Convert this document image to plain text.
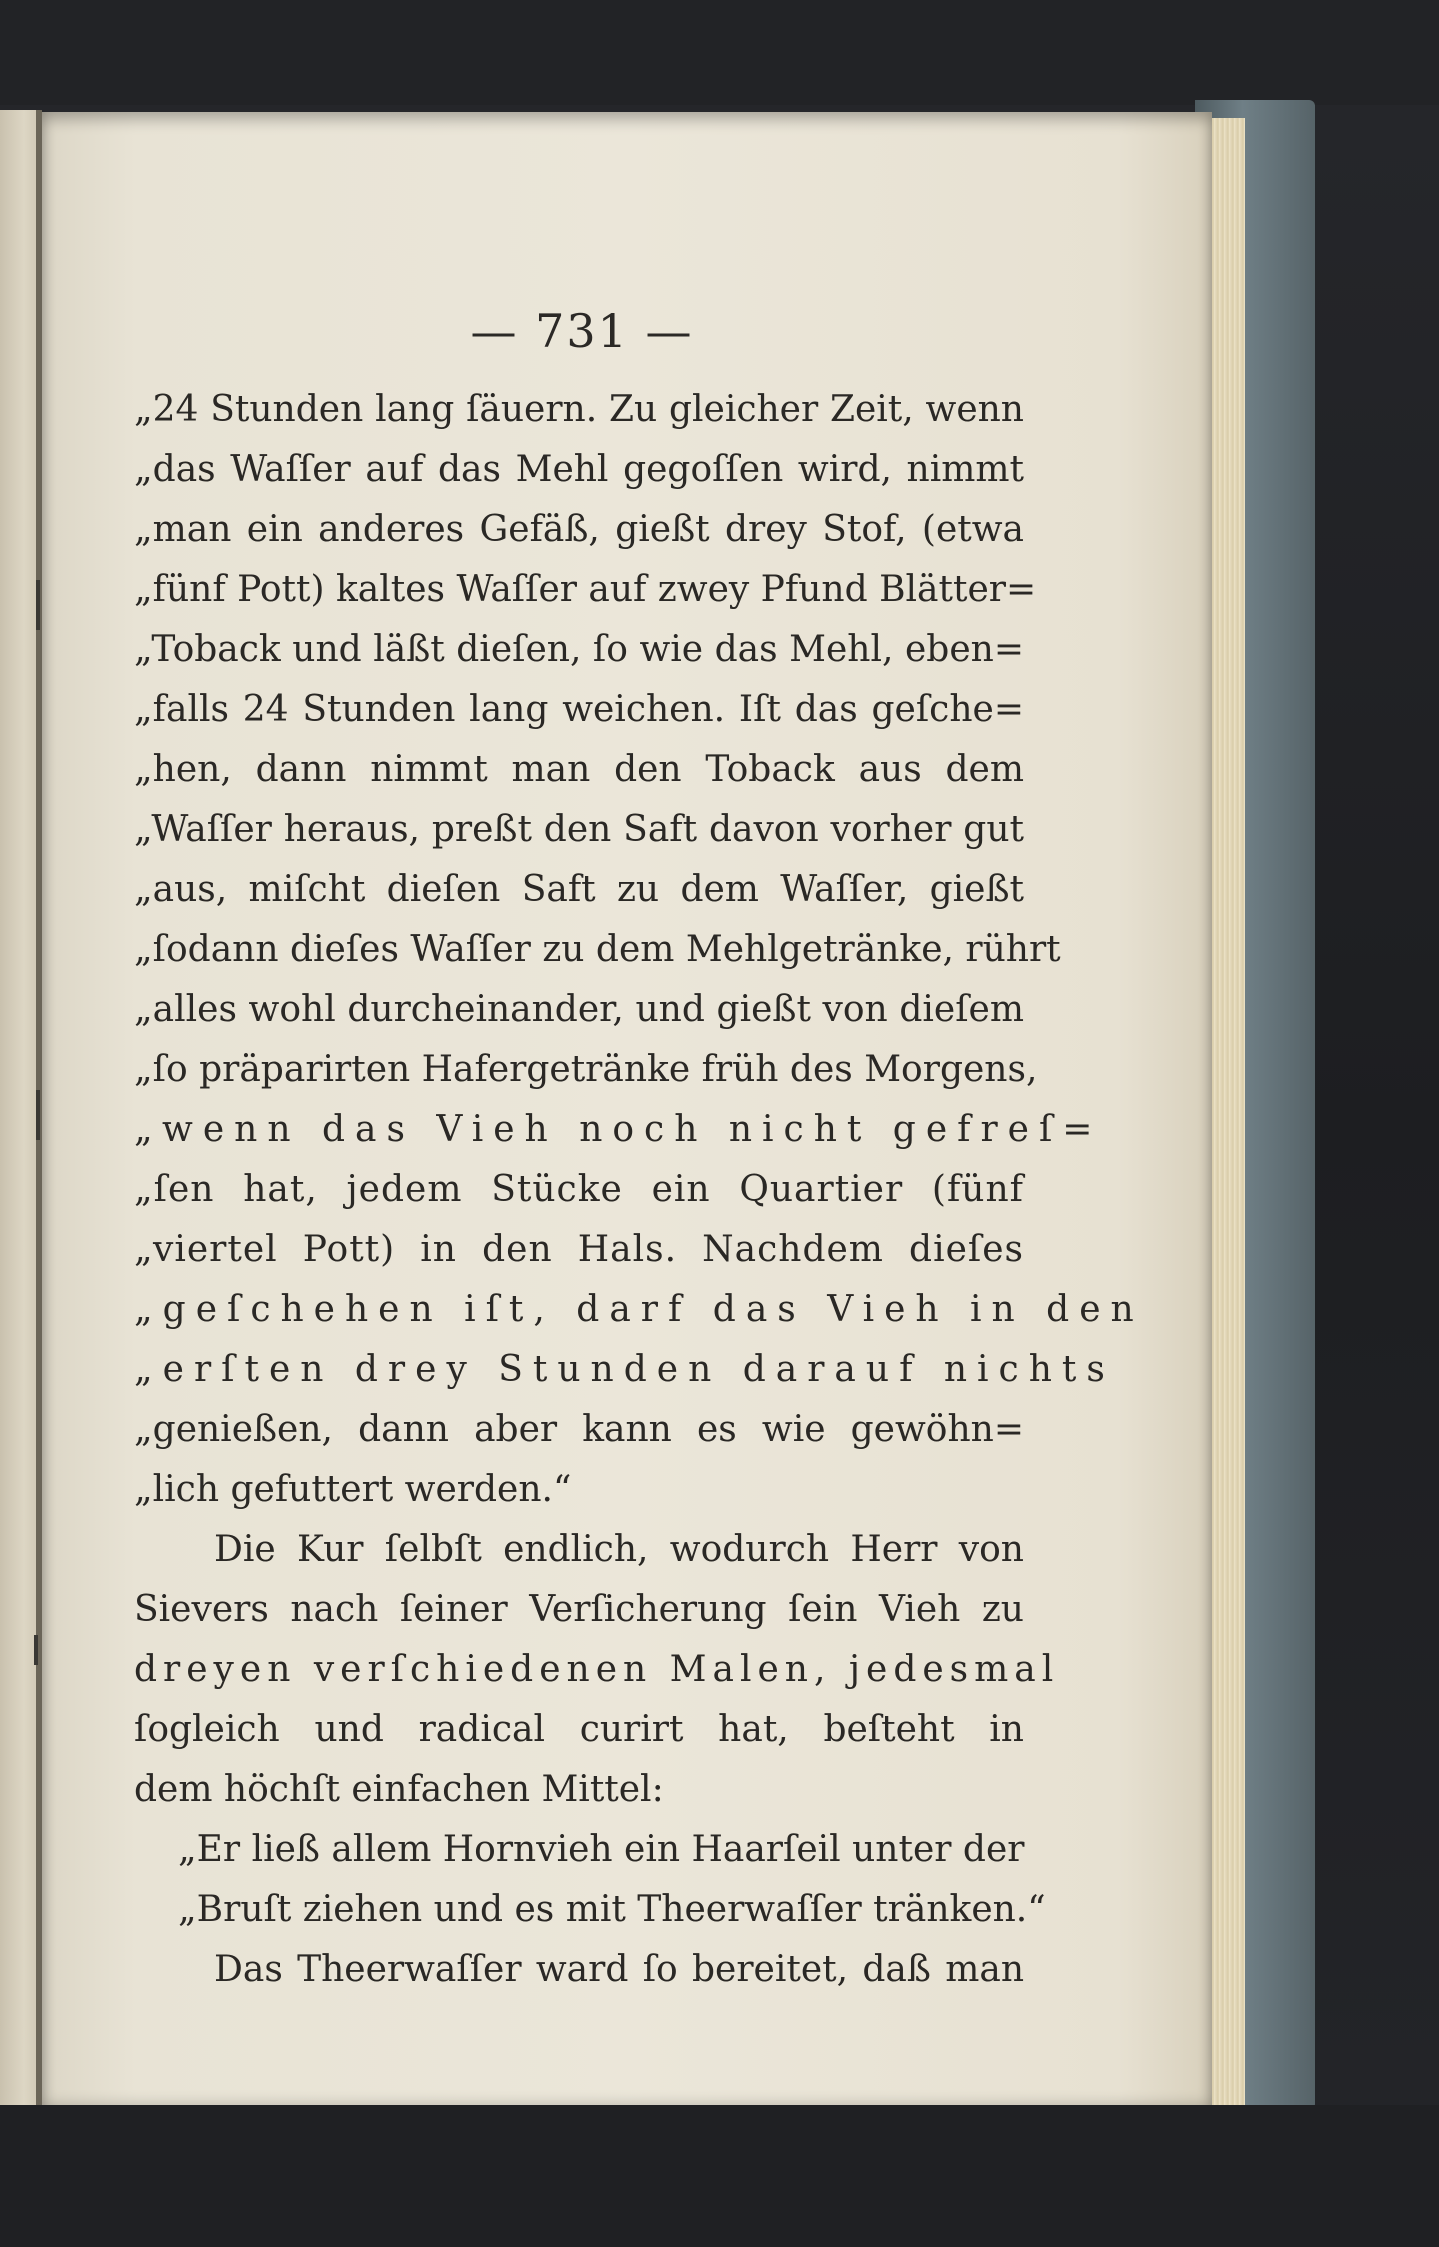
— 731 —
„24 Stunden lang ſäuern. Zu gleicher Zeit, wenn
„das Waſſer auf das Mehl gegoſſen wird, nimmt
„man ein anderes Gefäß, gießt drey Stof, (etwa
„fünf Pott) kaltes Waſſer auf zwey Pfund Blätter=
„Toback und läßt dieſen, ſo wie das Mehl, eben=
„falls 24 Stunden lang weichen. Iſt das geſche=
„hen, dann nimmt man den Toback aus dem
„Waſſer heraus, preßt den Saft davon vorher gut
„aus, miſcht dieſen Saft zu dem Waſſer, gießt
„ſodann dieſes Waſſer zu dem Mehlgetränke, rührt
„alles wohl durcheinander, und gießt von dieſem
„ſo präparirten Hafergetränke früh des Morgens,
„wenn das Vieh noch nicht gefreſ=
„ſen hat, jedem Stücke ein Quartier (fünf
„viertel Pott) in den Hals. Nachdem dieſes
„geſchehen iſt, darf das Vieh in den
„erſten drey Stunden darauf nichts
„genießen, dann aber kann es wie gewöhn=
„lich gefuttert werden.“
Die Kur ſelbſt endlich, wodurch Herr von
Sievers nach ſeiner Verſicherung ſein Vieh zu
dreyen verſchiedenen Malen, jedesmal
ſogleich und radical curirt hat, beſteht in
dem höchſt einfachen Mittel:
„Er ließ allem Hornvieh ein Haarſeil unter der
„Bruſt ziehen und es mit Theerwaſſer tränken.“
Das Theerwaſſer ward ſo bereitet, daß man
